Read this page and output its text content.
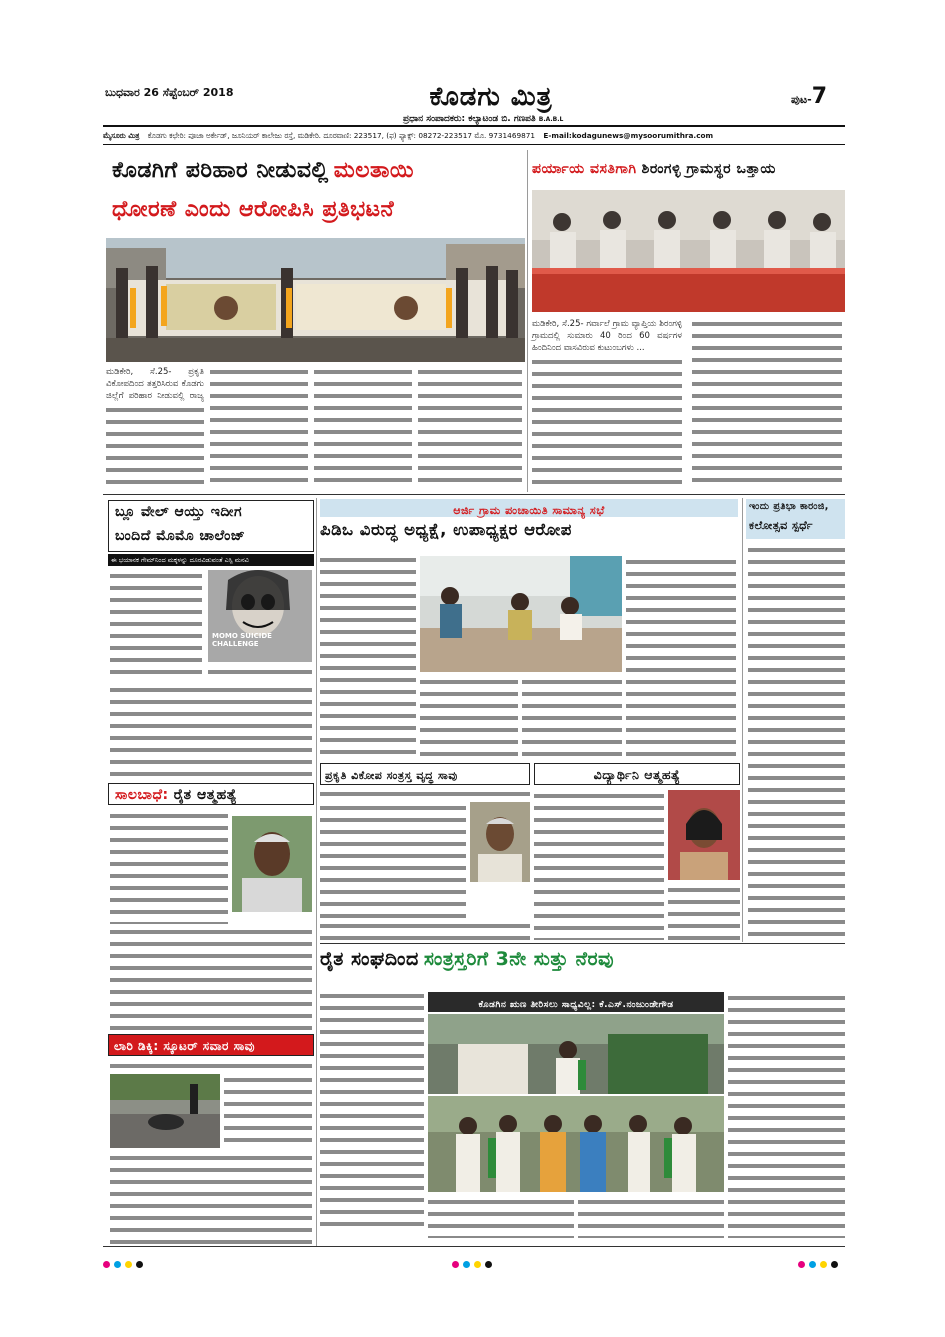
ಬುಧವಾರ 26 ಸೆಪ್ಟೆಂಬರ್ 2018	ಕೊಡಗು ಮಿತ್ರ
ಪ್ರಧಾನ ಸಂಪಾದಕರು: ಕಲ್ಯಾಟಂಡ ಬಿ. ಗಣಪತಿ B.A.B.L
ಪುಟ-7
ಮೈಸೂರು ಮಿತ್ರ ಕೊಡಗು ಕಛೇರಿ: ಪೂಜಾ ಅರ್ಕೇಡ್, ಜೂನಿಯರ್ ಕಾಲೇಜು ರಸ್ತೆ, ಮಡಿಕೇರಿ. ದೂರವಾಣಿ: 223517, (ಫ) ಫ್ಯಾಕ್ಸ್: 08272-223517 ಮೊ. 9731469871 E-mail:kodagunews@mysoorumithra.com
ಕೊಡಗಿಗೆ ಪರಿಹಾರ ನೀಡುವಲ್ಲಿ ಮಲತಾಯಿ
ಧೋರಣೆ ಎಂದು ಆರೋಪಿಸಿ ಪ್ರತಿಭಟನೆ
ಮಡಿಕೇರಿ, ಸೆ.25- ಪ್ರಕೃತಿ ವಿಕೋಪದಿಂದ ತತ್ತರಿಸಿರುವ ಕೊಡಗು ಜಿಲ್ಲೆಗೆ ಪರಿಹಾರ ನೀಡುವಲ್ಲಿ ರಾಜ್ಯ
ಪರ್ಯಾಯ ವಸತಿಗಾಗಿ ಶಿರಂಗಳ್ಳಿ ಗ್ರಾಮಸ್ಥರ ಒತ್ತಾಯ
ಮಡಿಕೇರಿ, ಸೆ.25- ಗರ್ವಾಲೆ ಗ್ರಾಮ ವ್ಯಾಪ್ತಿಯ ಶಿರಂಗಳ್ಳಿ ಗ್ರಾಮದಲ್ಲಿ ಸುಮಾರು 40 ರಿಂದ 60 ವರ್ಷಗಳ ಹಿಂದಿನಿಂದ ವಾಸವಿರುವ ಕುಟುಂಬಗಳು ...
ಬ್ಲೂ ವೇಲ್ ಆಯ್ತು ಇದೀಗ
ಬಂದಿದೆ ಮೊಮೊ ಚಾಲೆಂಜ್
ಈ ಭಯಾನಕ ಗೇಮ್‌ನಿಂದ ಮಕ್ಕಳನ್ನು ದೂರವಿಡುವಂತೆ ಎಸ್ಪಿ ಮನವಿ
MOMO SUICIDE CHALLENGE
ಸಾಲಬಾಧೆ: ರೈತ ಆತ್ಮಹತ್ಯೆ
ಲಾರಿ ಡಿಕ್ಕಿ: ಸ್ಕೂಟರ್ ಸವಾರ ಸಾವು
ಆರ್ಜಿ ಗ್ರಾಮ ಪಂಚಾಯಿತಿ ಸಾಮಾನ್ಯ ಸಭೆ
ಪಿಡಿಒ ವಿರುದ್ಧ ಅಧ್ಯಕ್ಷೆ, ಉಪಾಧ್ಯಕ್ಷರ ಆರೋಪ
ಪ್ರಕೃತಿ ವಿಕೋಪ ಸಂತ್ರಸ್ತ ವೃದ್ಧ ಸಾವು	ವಿದ್ಯಾರ್ಥಿನಿ ಆತ್ಮಹತ್ಯೆ
ಇಂದು ಪ್ರತಿಭಾ ಕಾರಂಜಿ,
ಕಲೋತ್ಸವ ಸ್ಪರ್ಧೆ
ರೈತ ಸಂಘದಿಂದ ಸಂತ್ರಸ್ತರಿಗೆ 3ನೇ ಸುತ್ತು ನೆರವು
ಕೊಡಗಿನ ಋಣ ತೀರಿಸಲು ಸಾಧ್ಯವಿಲ್ಲ: ಕೆ.ಎಸ್.ನಂಜುಂಡೇಗೌಡ
